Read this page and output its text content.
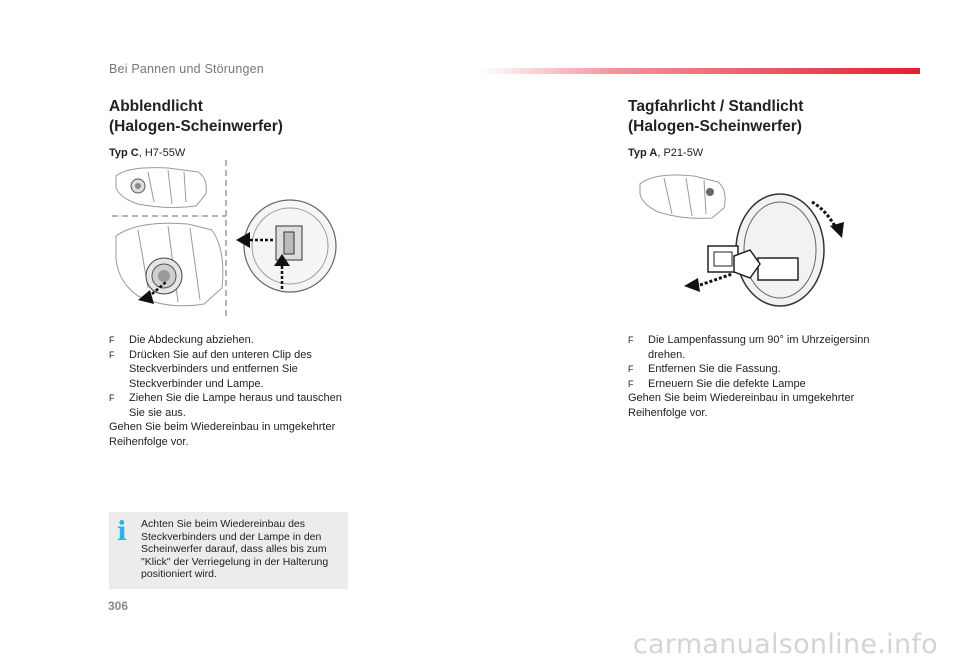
Bei Pannen und Störungen
Abblendlicht
(Halogen-Scheinwerfer)
Typ C, H7-55W
F Die Abdeckung abziehen.
F Drücken Sie auf den unteren Clip des Steckverbinders und entfernen Sie Steckverbinder und Lampe.
F Ziehen Sie die Lampe heraus und tauschen Sie sie aus.
Gehen Sie beim Wiedereinbau in umgekehrter Reihenfolge vor.
i Achten Sie beim Wiedereinbau des Steckverbinders und der Lampe in den Scheinwerfer darauf, dass alles bis zum "Klick" der Verriegelung in der Halterung positioniert wird.
Tagfahrlicht / Standlicht
(Halogen-Scheinwerfer)
Typ A, P21-5W
F Die Lampenfassung um 90° im Uhrzeigersinn drehen.
F Entfernen Sie die Fassung.
F Erneuern Sie die defekte Lampe
Gehen Sie beim Wiedereinbau in umgekehrter Reihenfolge vor.
306
carmanualsonline.info
